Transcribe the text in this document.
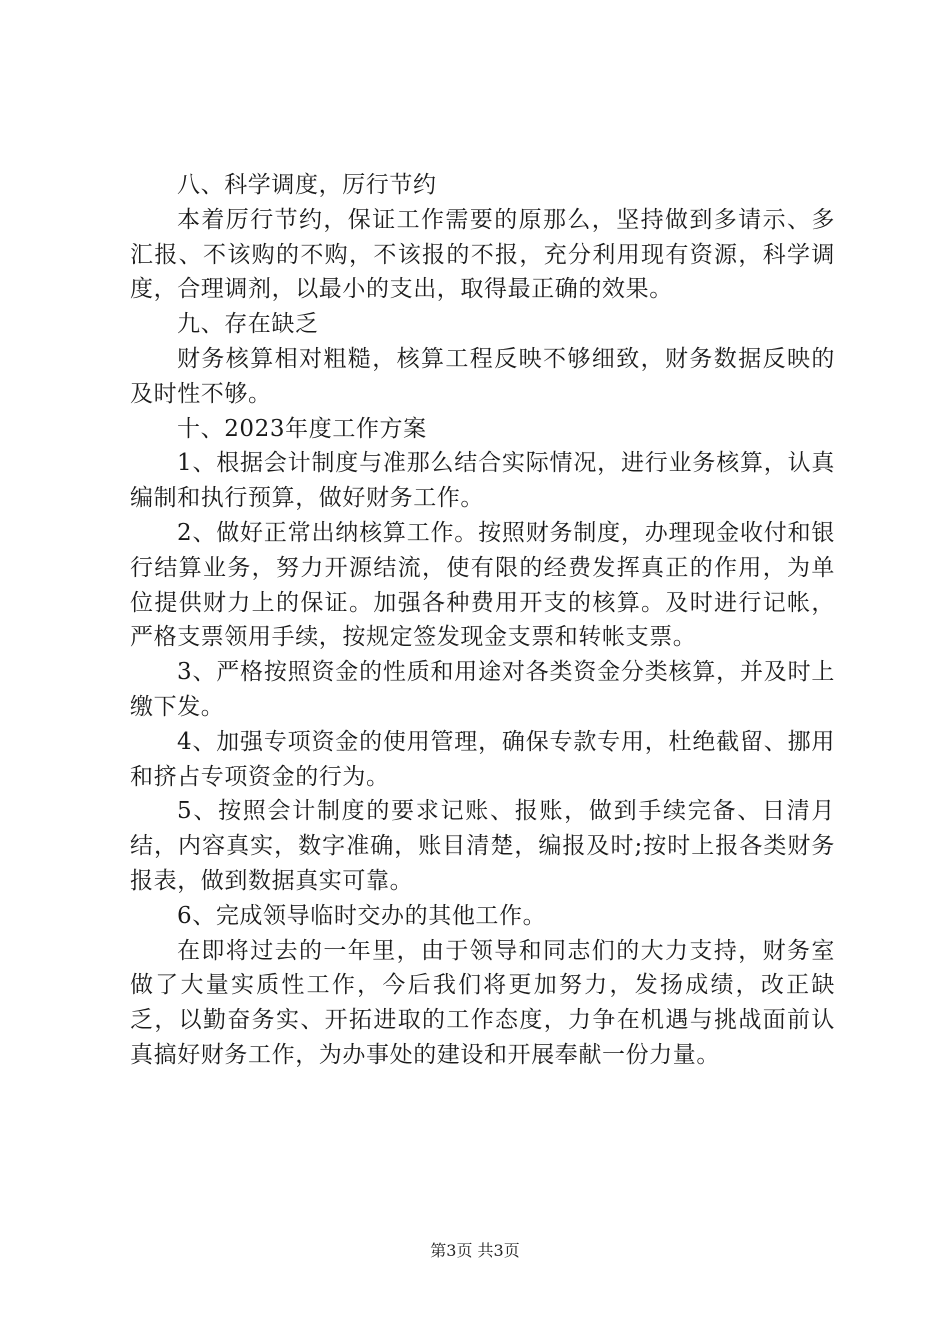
八、科学调度，厉行节约

本着厉行节约，保证工作需要的原那么，坚持做到多请示、多汇报、不该购的不购，不该报的不报，充分利用现有资源，科学调度，合理调剂，以最小的支出，取得最正确的效果。

九、存在缺乏

财务核算相对粗糙，核算工程反映不够细致，财务数据反映的及时性不够。

十、2023年度工作方案

1、根据会计制度与准那么结合实际情况，进行业务核算，认真编制和执行预算，做好财务工作。

2、做好正常出纳核算工作。按照财务制度，办理现金收付和银行结算业务，努力开源结流，使有限的经费发挥真正的作用，为单位提供财力上的保证。加强各种费用开支的核算。及时进行记帐，严格支票领用手续，按规定签发现金支票和转帐支票。

3、严格按照资金的性质和用途对各类资金分类核算，并及时上缴下发。

4、加强专项资金的使用管理，确保专款专用，杜绝截留、挪用和挤占专项资金的行为。

5、按照会计制度的要求记账、报账，做到手续完备、日清月结，内容真实，数字准确，账目清楚，编报及时;按时上报各类财务报表，做到数据真实可靠。

6、完成领导临时交办的其他工作。

在即将过去的一年里，由于领导和同志们的大力支持，财务室做了大量实质性工作，今后我们将更加努力，发扬成绩，改正缺乏，以勤奋务实、开拓进取的工作态度，力争在机遇与挑战面前认真搞好财务工作，为办事处的建设和开展奉献一份力量。

第3页 共3页
